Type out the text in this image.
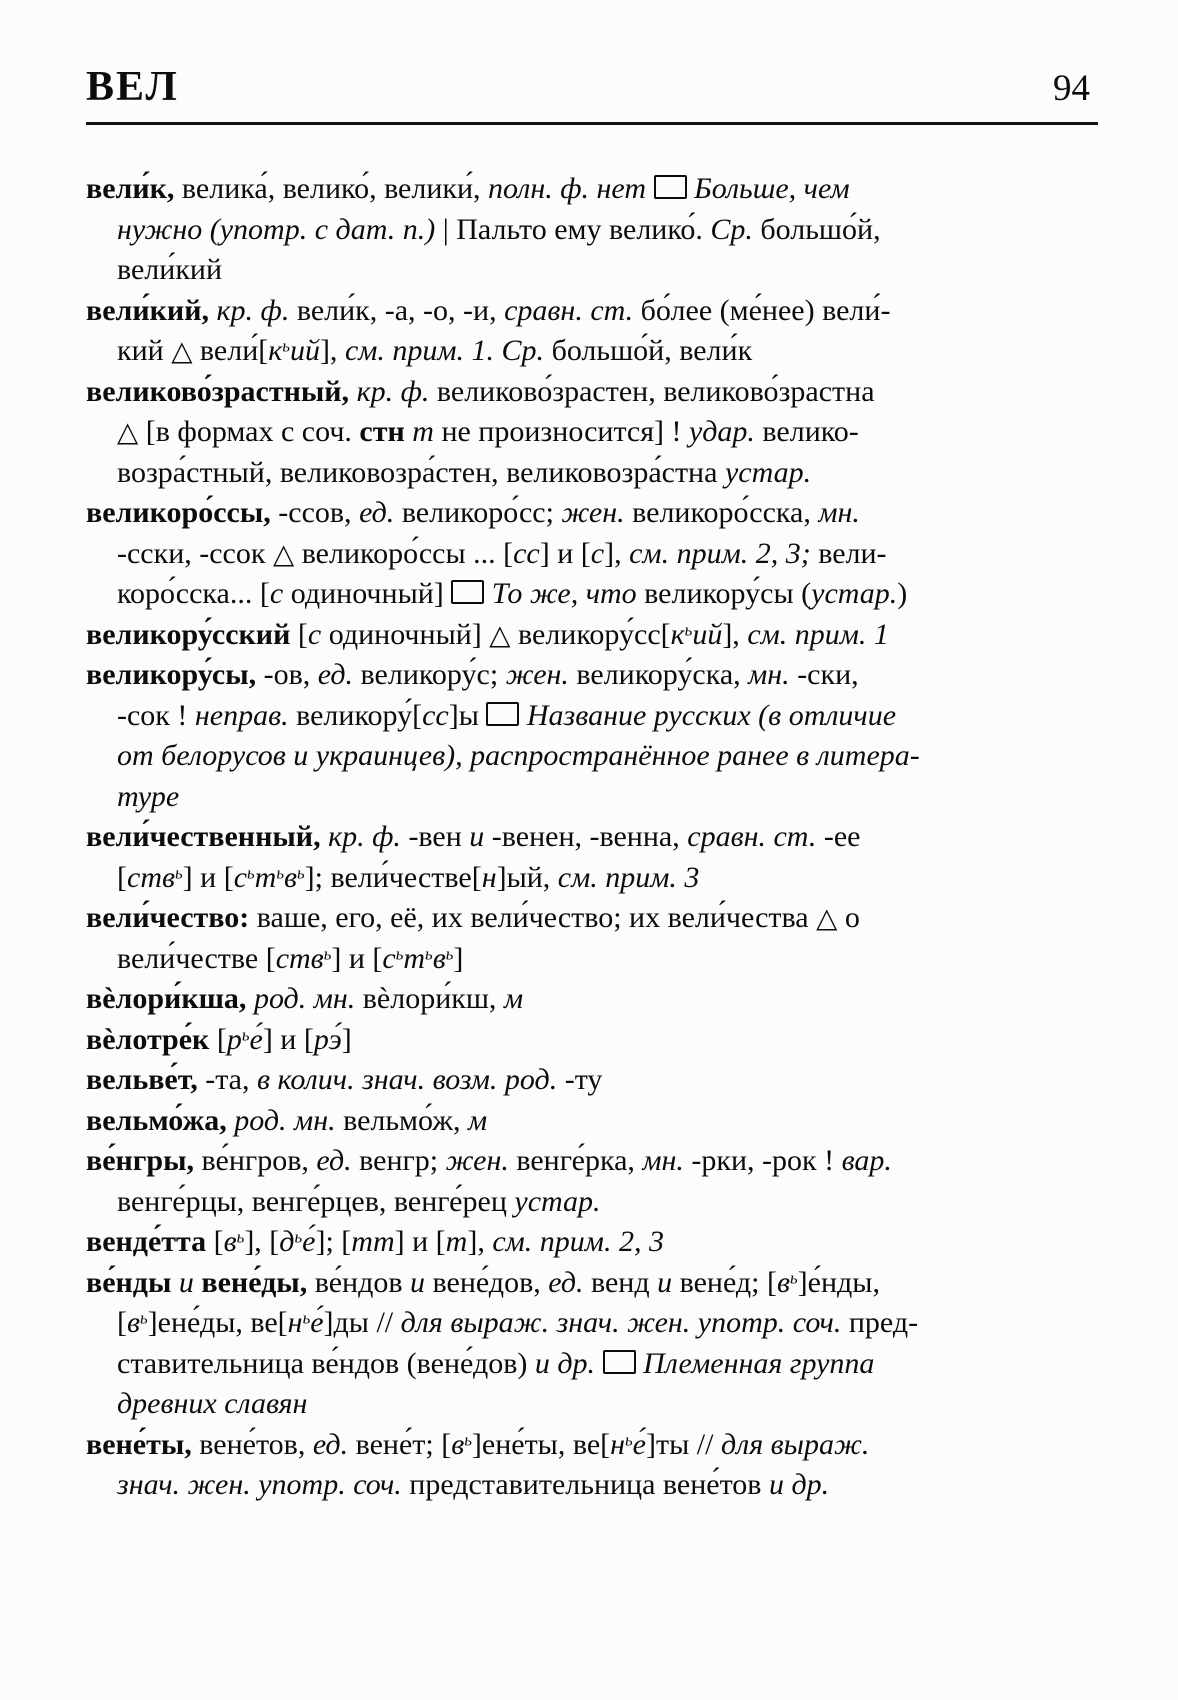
ВЕЛ	94

вели́к, велика́, велико́, велики́, полн. ф. нет Больше, чем
нужно (употр. с дат. п.) | Пальто ему велико́. Ср. большо́й,
вели́кий

вели́кий, кр. ф. вели́к, -а, -о, -и, сравн. ст. бо́лее (ме́нее) вели́-
кий △ $вели́[к^ьий]$, см. прим. 1. Ср. большо́й, вели́к

великово́зрастный, кр. ф. великово́зрастен, великово́зрастна
△ [в формах с соч. стн т не произносится] ! удар. велико-
возра́стный, великовозра́стен, великовозра́стна устар.

великоро́ссы, -ссов, ед. великоро́сс; жен. великоро́сска, мн.
-сски, -ссок △ великоро́ссы ... [сс] и [с], см. прим. 2, 3; вели-
коро́сска... [с одиночный]  То же, что великору́сы (устар.)

великору́сский [с одиночный] △ $великору́сс[к^ьий]$, см. прим. 1

великору́сы, -ов, ед. великору́с; жен. великору́ска, мн. -ски,
-сок ! неправ. великору́[сс]ы  Название русских (в отличие
от белорусов и украинцев), распространённое ранее в литера-
туре

вели́чественный, кр. ф. -вен и -венен, -венна, сравн. ст. -ее
[ств$^ь$] и $[с^ьт^ьв^ь]$; вели́честве[н]ый, см. прим. 3

вели́чество: ваше, его, её, их вели́чество; их вели́чества △ о
вели́честве [ств$^ь$] и $[с^ьт^ьв^ь]$

вѐлори́кша, род. мн. вѐлори́кш, м

вѐлотре́к $[р^ье́]$ и [рэ́]

вельве́т, -та, в колич. знач. возм. род. -ту

вельмо́жа, род. мн. вельмо́ж, м

ве́нгры, ве́нгров, ед. венгр; жен. венге́рка, мн. -рки, -рок ! вар.
венге́рцы, венге́рцев, венге́рец устар.

венде́тта $[в^ь]$, $[д^ье́]$; [тт] и [т], см. прим. 2, 3

ве́нды и вене́ды, ве́ндов и вене́дов, ед. венд и вене́д; $[в^ь]е́нды$,
$[в^ь]ене́ды$, $ве[н^ье́]ды$ // для выраж. знач. жен. употр. соч. пред-
ставительница ве́ндов (вене́дов) и др. Племенная группа
древних славян

вене́ты, вене́тов, ед. вене́т; $[в^ь]ене́ты$, $ве[н^ье́]ты$ // для выраж.
знач. жен. употр. соч. представительница вене́тов и др.
